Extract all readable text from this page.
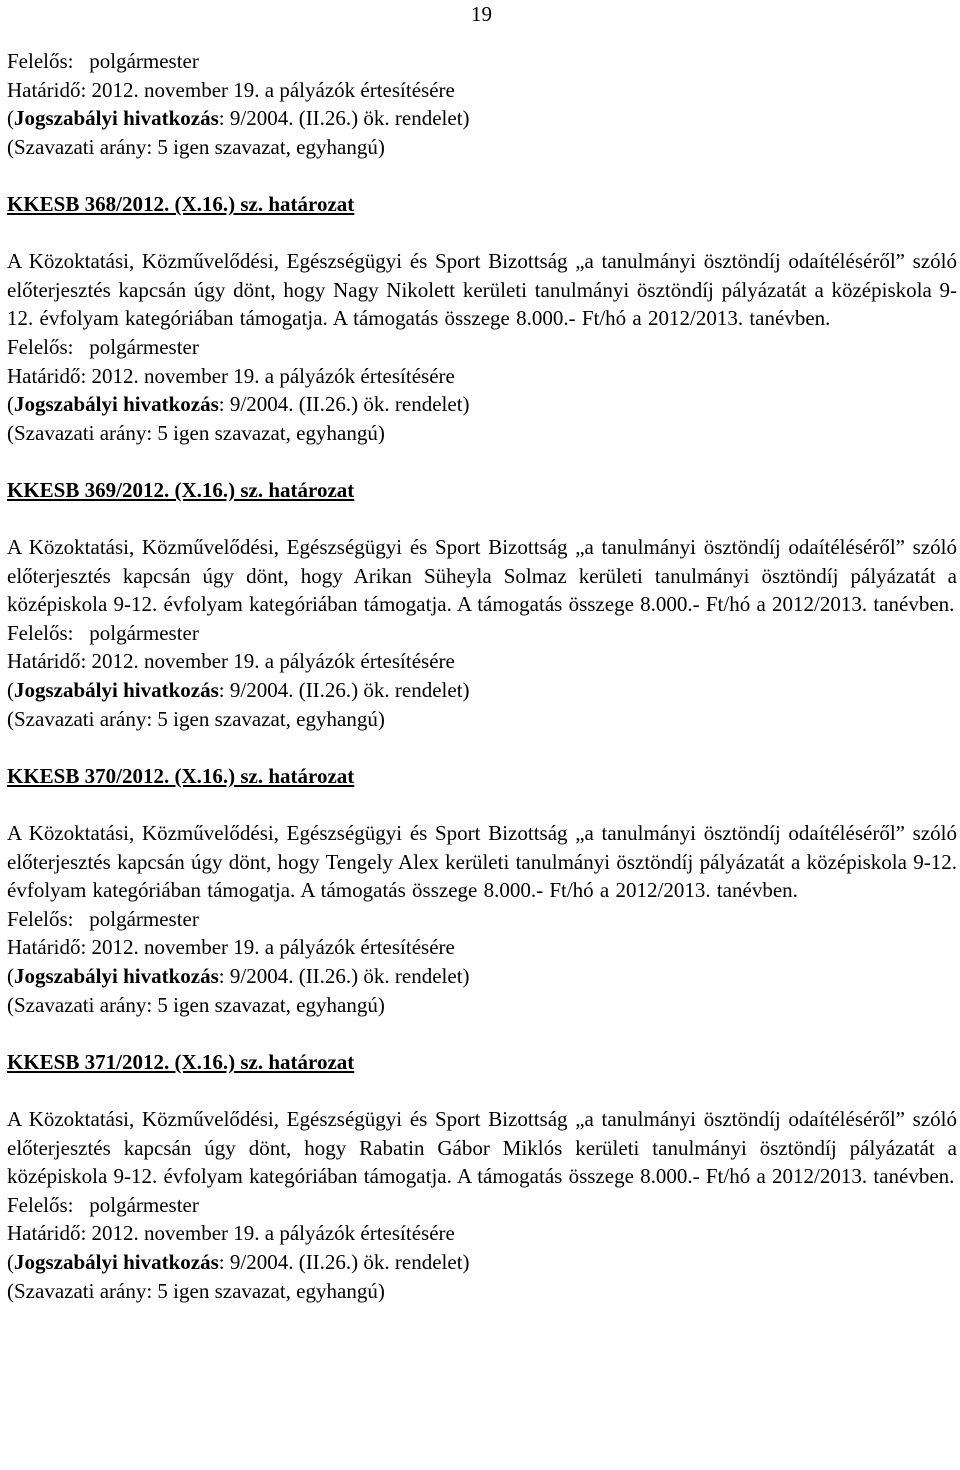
19
Felelős:   polgármester
Határidő: 2012. november 19. a pályázók értesítésére
(Jogszabályi hivatkozás: 9/2004. (II.26.) ök. rendelet)
(Szavazati arány: 5 igen szavazat, egyhangú)
KKESB 368/2012. (X.16.) sz. határozat
A Közoktatási, Közművelődési, Egészségügyi és Sport Bizottság „a tanulmányi ösztöndíj odaítéléséről” szóló előterjesztés kapcsán úgy dönt, hogy Nagy Nikolett kerületi tanulmányi ösztöndíj pályázatát a középiskola 9-12. évfolyam kategóriában támogatja. A támogatás összege 8.000.- Ft/hó a 2012/2013. tanévben.
Felelős:   polgármester
Határidő: 2012. november 19. a pályázók értesítésére
(Jogszabályi hivatkozás: 9/2004. (II.26.) ök. rendelet)
(Szavazati arány: 5 igen szavazat, egyhangú)
KKESB 369/2012. (X.16.) sz. határozat
A Közoktatási, Közművelődési, Egészségügyi és Sport Bizottság „a tanulmányi ösztöndíj odaítéléséről” szóló előterjesztés kapcsán úgy dönt, hogy Arikan Süheyla Solmaz kerületi tanulmányi ösztöndíj pályázatát a középiskola 9-12. évfolyam kategóriában támogatja. A támogatás összege 8.000.- Ft/hó a 2012/2013. tanévben.
Felelős:   polgármester
Határidő: 2012. november 19. a pályázók értesítésére
(Jogszabályi hivatkozás: 9/2004. (II.26.) ök. rendelet)
(Szavazati arány: 5 igen szavazat, egyhangú)
KKESB 370/2012. (X.16.) sz. határozat
A Közoktatási, Közművelődési, Egészségügyi és Sport Bizottság „a tanulmányi ösztöndíj odaítéléséről” szóló előterjesztés kapcsán úgy dönt, hogy Tengely Alex kerületi tanulmányi ösztöndíj pályázatát a középiskola 9-12. évfolyam kategóriában támogatja. A támogatás összege 8.000.- Ft/hó a 2012/2013. tanévben.
Felelős:   polgármester
Határidő: 2012. november 19. a pályázók értesítésére
(Jogszabályi hivatkozás: 9/2004. (II.26.) ök. rendelet)
(Szavazati arány: 5 igen szavazat, egyhangú)
KKESB 371/2012. (X.16.) sz. határozat
A Közoktatási, Közművelődési, Egészségügyi és Sport Bizottság „a tanulmányi ösztöndíj odaítéléséről” szóló előterjesztés kapcsán úgy dönt, hogy Rabatin Gábor Miklós kerületi tanulmányi ösztöndíj pályázatát a középiskola 9-12. évfolyam kategóriában támogatja. A támogatás összege 8.000.- Ft/hó a 2012/2013. tanévben.
Felelős:   polgármester
Határidő: 2012. november 19. a pályázók értesítésére
(Jogszabályi hivatkozás: 9/2004. (II.26.) ök. rendelet)
(Szavazati arány: 5 igen szavazat, egyhangú)
